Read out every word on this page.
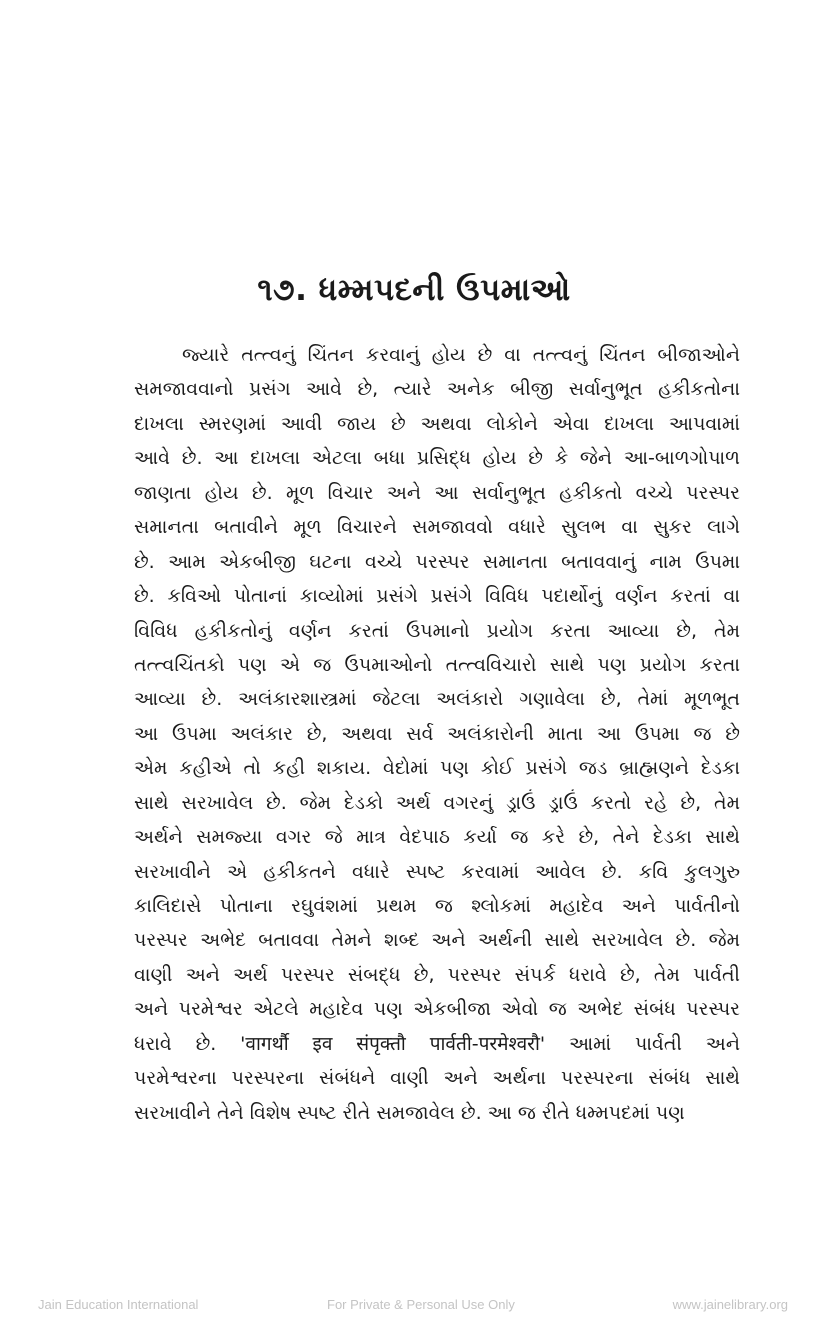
૧૭. ધમ્મપદની ઉપમાઓ
જ્યારે તત્ત્વનું ચિંતન કરવાનું હોય છે વા તત્ત્વનું ચિંતન બીજાઓને
સમજાવવાનો પ્રસંગ આવે છે, ત્યારે અનેક બીજી સર્વાનુભૂત હકીકતોના
દાખલા સ્મરણમાં આવી જાય છે અથવા લોકોને એવા દાખલા આપવામાં
આવે છે. આ દાખલા એટલા બધા પ્રસિદ્ધ હોય છે કે જેને આ-બાળગોપાળ
જાણતા હોય છે. મૂળ વિચાર અને આ સર્વાનુભૂત હકીકતો વચ્ચે પરસ્પર
સમાનતા બતાવીને મૂળ વિચારને સમજાવવો વધારે સુલભ વા સુકર લાગે
છે. આમ એકબીજી ઘટના વચ્ચે પરસ્પર સમાનતા બતાવવાનું નામ ઉપમા
છે. કવિઓ પોતાનાં કાવ્યોમાં પ્રસંગે પ્રસંગે વિવિધ પદાર્થોનું વર્ણન કરતાં વા
વિવિધ હકીકતોનું વર્ણન કરતાં ઉપમાનો પ્રયોગ કરતા આવ્યા છે, તેમ
તત્ત્વચિંતકો પણ એ જ ઉપમાઓનો તત્ત્વવિચારો સાથે પણ પ્રયોગ કરતા
આવ્યા છે. અલંકારશાસ્ત્રમાં જેટલા અલંકારો ગણાવેલા છે, તેમાં મૂળભૂત
આ ઉપમા અલંકાર છે, અથવા સર્વ અલંકારોની માતા આ ઉપમા જ છે
એમ કહીએ તો કહી શકાય. વેદોમાં પણ કોઈ પ્રસંગે જડ બ્રાહ્મણને દેડકા
સાથે સરખાવેલ છે. જેમ દેડકો અર્થ વગરનું ડ્રાઉં ડ્રાઉં કરતો રહે છે, તેમ
અર્થને સમજ્યા વગર જે માત્ર વેદપાઠ કર્યા જ કરે છે, તેને દેડકા સાથે
સરખાવીને એ હકીકતને વધારે સ્પષ્ટ કરવામાં આવેલ છે. કવિ કુલગુરુ
કાલિદાસે પોતાના રઘુવંશમાં પ્રથમ જ શ્લોકમાં મહાદેવ અને પાર્વતીનો
પરસ્પર અભેદ બતાવવા તેમને શબ્દ અને અર્થની સાથે સરખાવેલ છે. જેમ
વાણી અને અર્થ પરસ્પર સંબદ્ધ છે, પરસ્પર સંપર્ક ધરાવે છે, તેમ પાર્વતી
અને પરમેશ્વર એટલે મહાદેવ પણ એકબીજા એવો જ અભેદ સંબંધ પરસ્પર
ધરાવે છે. 'वागर्थौ इव संपृक्तौ पार्वती-परमेश्वरौ' આમાં પાર્વતી અને
પરમેશ્વરના પરસ્પરના સંબંધને વાણી અને અર્થના પરસ્પરના સંબંધ સાથે
સરખાવીને તેને વિશેષ સ્પષ્ટ રીતે સમજાવેલ છે. આ જ રીતે ધમ્મપદમાં પણ
Jain Education International	For Private & Personal Use Only	www.jainelibrary.org
